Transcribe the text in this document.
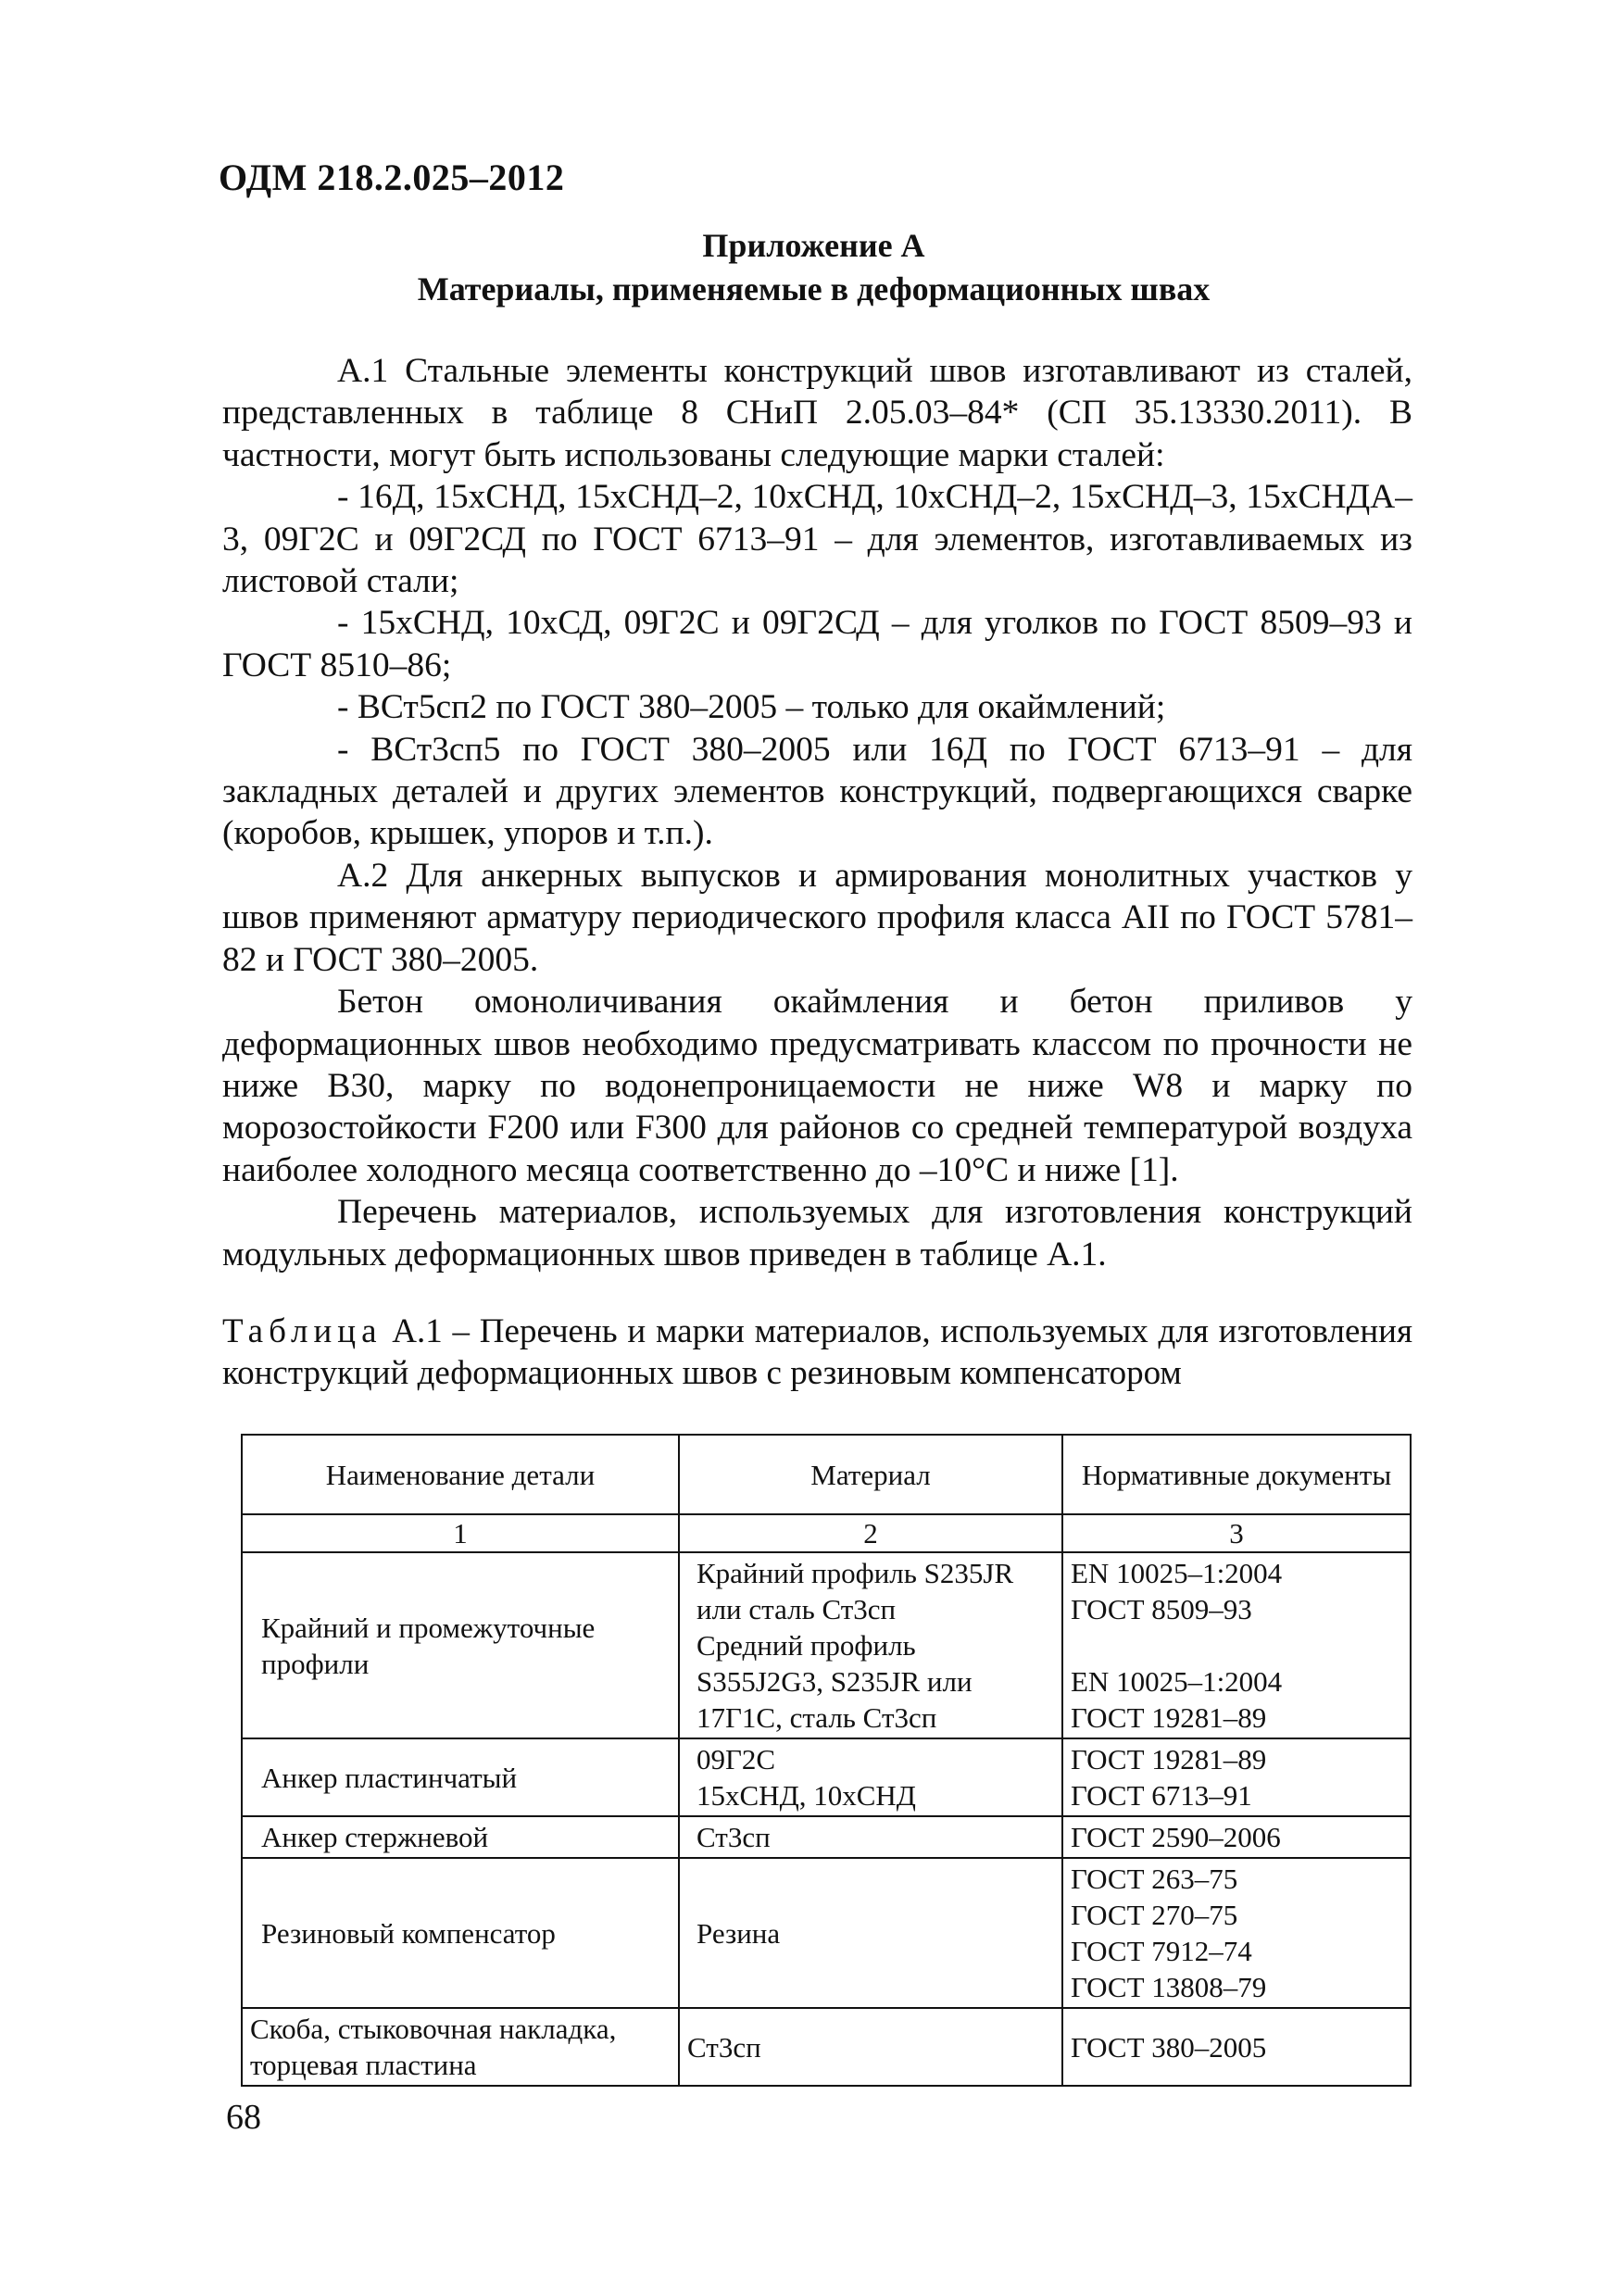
ОДМ 218.2.025–2012
Приложение А
Материалы, применяемые в деформационных швах

А.1 Стальные элементы конструкций швов изготавливают из сталей, представленных в таблице 8 СНиП 2.05.03–84* (СП 35.13330.2011). В частности, могут быть использованы следующие марки сталей:

- 16Д, 15хСНД, 15хСНД–2, 10хСНД, 10хСНД–2, 15хСНД–3, 15хСНДА–3, 09Г2С и 09Г2СД по ГОСТ 6713–91 – для элементов, изготавливаемых из листовой стали;

- 15хСНД, 10хСД, 09Г2С и 09Г2СД – для уголков по ГОСТ 8509–93 и ГОСТ 8510–86;

- ВСт5сп2 по ГОСТ 380–2005 – только для окаймлений;

- ВСт3сп5 по ГОСТ 380–2005 или 16Д по ГОСТ 6713–91 – для закладных деталей и других элементов конструкций, подвергающихся сварке (коробов, крышек, упоров и т.п.).

А.2 Для анкерных выпусков и армирования монолитных участков у швов применяют арматуру периодического профиля класса АII по ГОСТ 5781–82 и ГОСТ 380–2005.

Бетон омоноличивания окаймления и бетон приливов у деформационных швов необходимо предусматривать классом по прочности не ниже В30, марку по водонепроницаемости не ниже W8 и марку по морозостойкости F200 или F300 для районов со средней температурой воздуха наиболее холодного месяца соответственно до –10°С и ниже [1].

Перечень материалов, используемых для изготовления конструкций модульных деформационных швов приведен в таблице А.1.

Таблица А.1 – Перечень и марки материалов, используемых для изготовления конструкций деформационных швов с резиновым компенсатором
Наименование детали	Материал	Нормативные документы
1	2	3

Крайний и промежуточные
профили	Крайний профиль S235JR
или сталь Ст3сп
Средний профиль
S355J2G3, S235JR или
17Г1С, сталь Ст3сп	EN 10025–1:2004
ГОСТ 8509–93
EN 10025–1:2004
ГОСТ 19281–89

Анкер пластинчатый	09Г2С
15хСНД, 10хСНД	ГОСТ 19281–89
ГОСТ 6713–91

Анкер стержневой	Ст3сп	ГОСТ 2590–2006

Резиновый компенсатор	Резина	ГОСТ 263–75
ГОСТ 270–75
ГОСТ 7912–74
ГОСТ 13808–79

Скоба, стыковочная накладка,
торцевая пластина	Ст3сп	ГОСТ 380–2005
68
